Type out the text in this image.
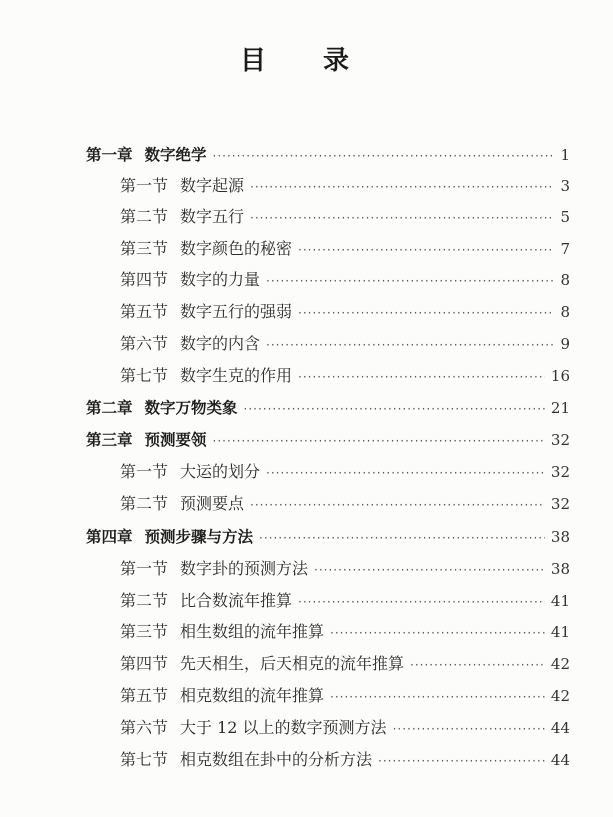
目 录
第一章 数字绝学 ·····	1
第一节 数字起源 ·····	3
第二节 数字五行 ·····	5
第三节 数字颜色的秘密 ·····	7
第四节 数字的力量 ·····	8
第五节 数字五行的强弱 ·····	8
第六节 数字的内含 ·····	9
第七节 数字生克的作用 ·····	16
第二章 数字万物类象 ·····	21
第三章 预测要领 ·····	32
第一节 大运的划分 ·····	32
第二节 预测要点 ·····	32
第四章 预测步骤与方法 ·····	38
第一节 数字卦的预测方法 ·····	38
第二节 比合数流年推算 ·····	41
第三节 相生数组的流年推算 ·····	41
第四节 先天相生，后天相克的流年推算 ·····	42
第五节 相克数组的流年推算 ·····	42
第六节 大于 12 以上的数字预测方法 ·····	44
第七节 相克数组在卦中的分析方法 ·····	44
